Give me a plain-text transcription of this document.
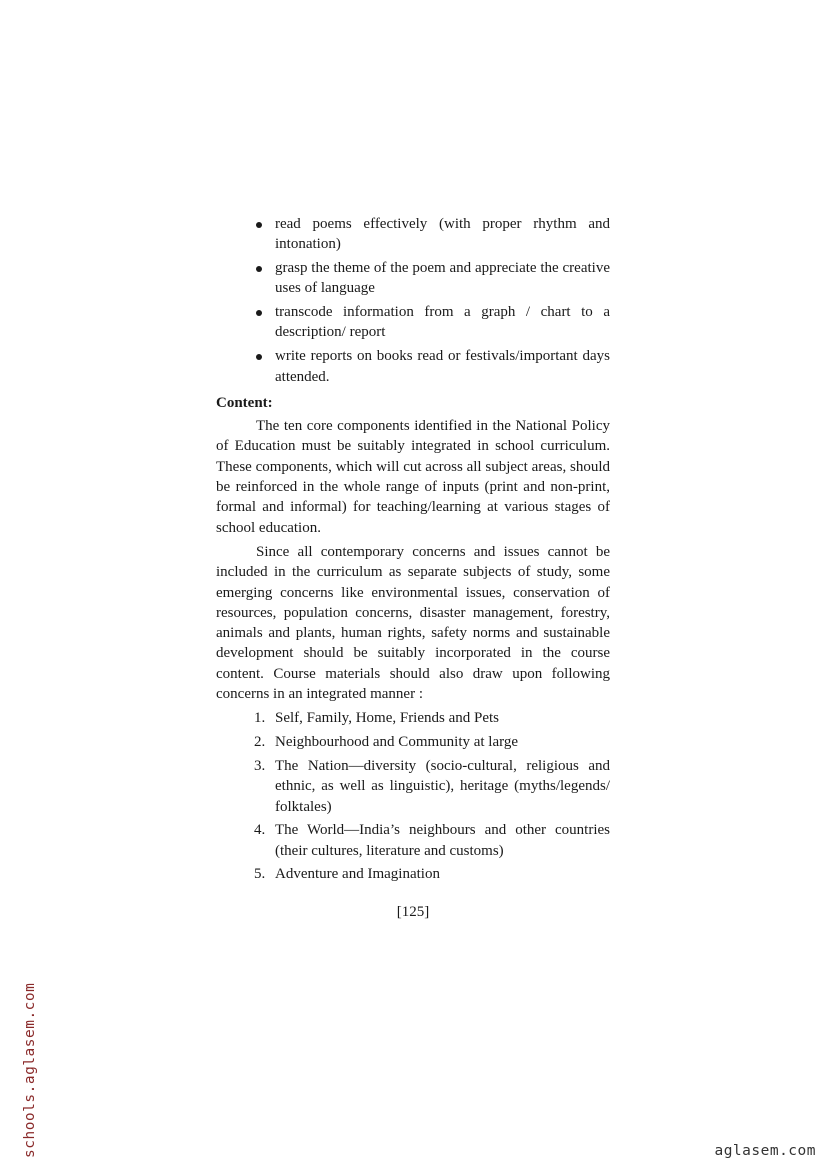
read poems effectively (with proper rhythm and intonation)
grasp the theme of the poem and appreciate the creative uses of language
transcode information from a graph / chart to a description/ report
write reports on books read or festivals/important days attended.
Content:

The ten core components identified in the National Policy of Education must be suitably integrated in school curriculum. These components, which will cut across all subject areas, should be reinforced in the whole range of inputs (print and non-print, formal and informal) for teaching/learning at various stages of school education.

Since all contemporary concerns and issues cannot be included in the curriculum as separate subjects of study, some emerging concerns like environmental issues, conservation of resources, population concerns, disaster management, forestry, animals and plants, human rights, safety norms and sustainable development should be suitably incorporated in the course content. Course materials should also draw upon following concerns in an integrated manner :

1. Self, Family, Home, Friends and Pets
2. Neighbourhood and Community at large
3. The Nation—diversity (socio-cultural, religious and ethnic, as well as linguistic), heritage (myths/legends/ folktales)
4. The World—India’s neighbours and other countries (their cultures, literature and customs)
5. Adventure and Imagination
[125]
schools.aglasem.com	aglasem.com
